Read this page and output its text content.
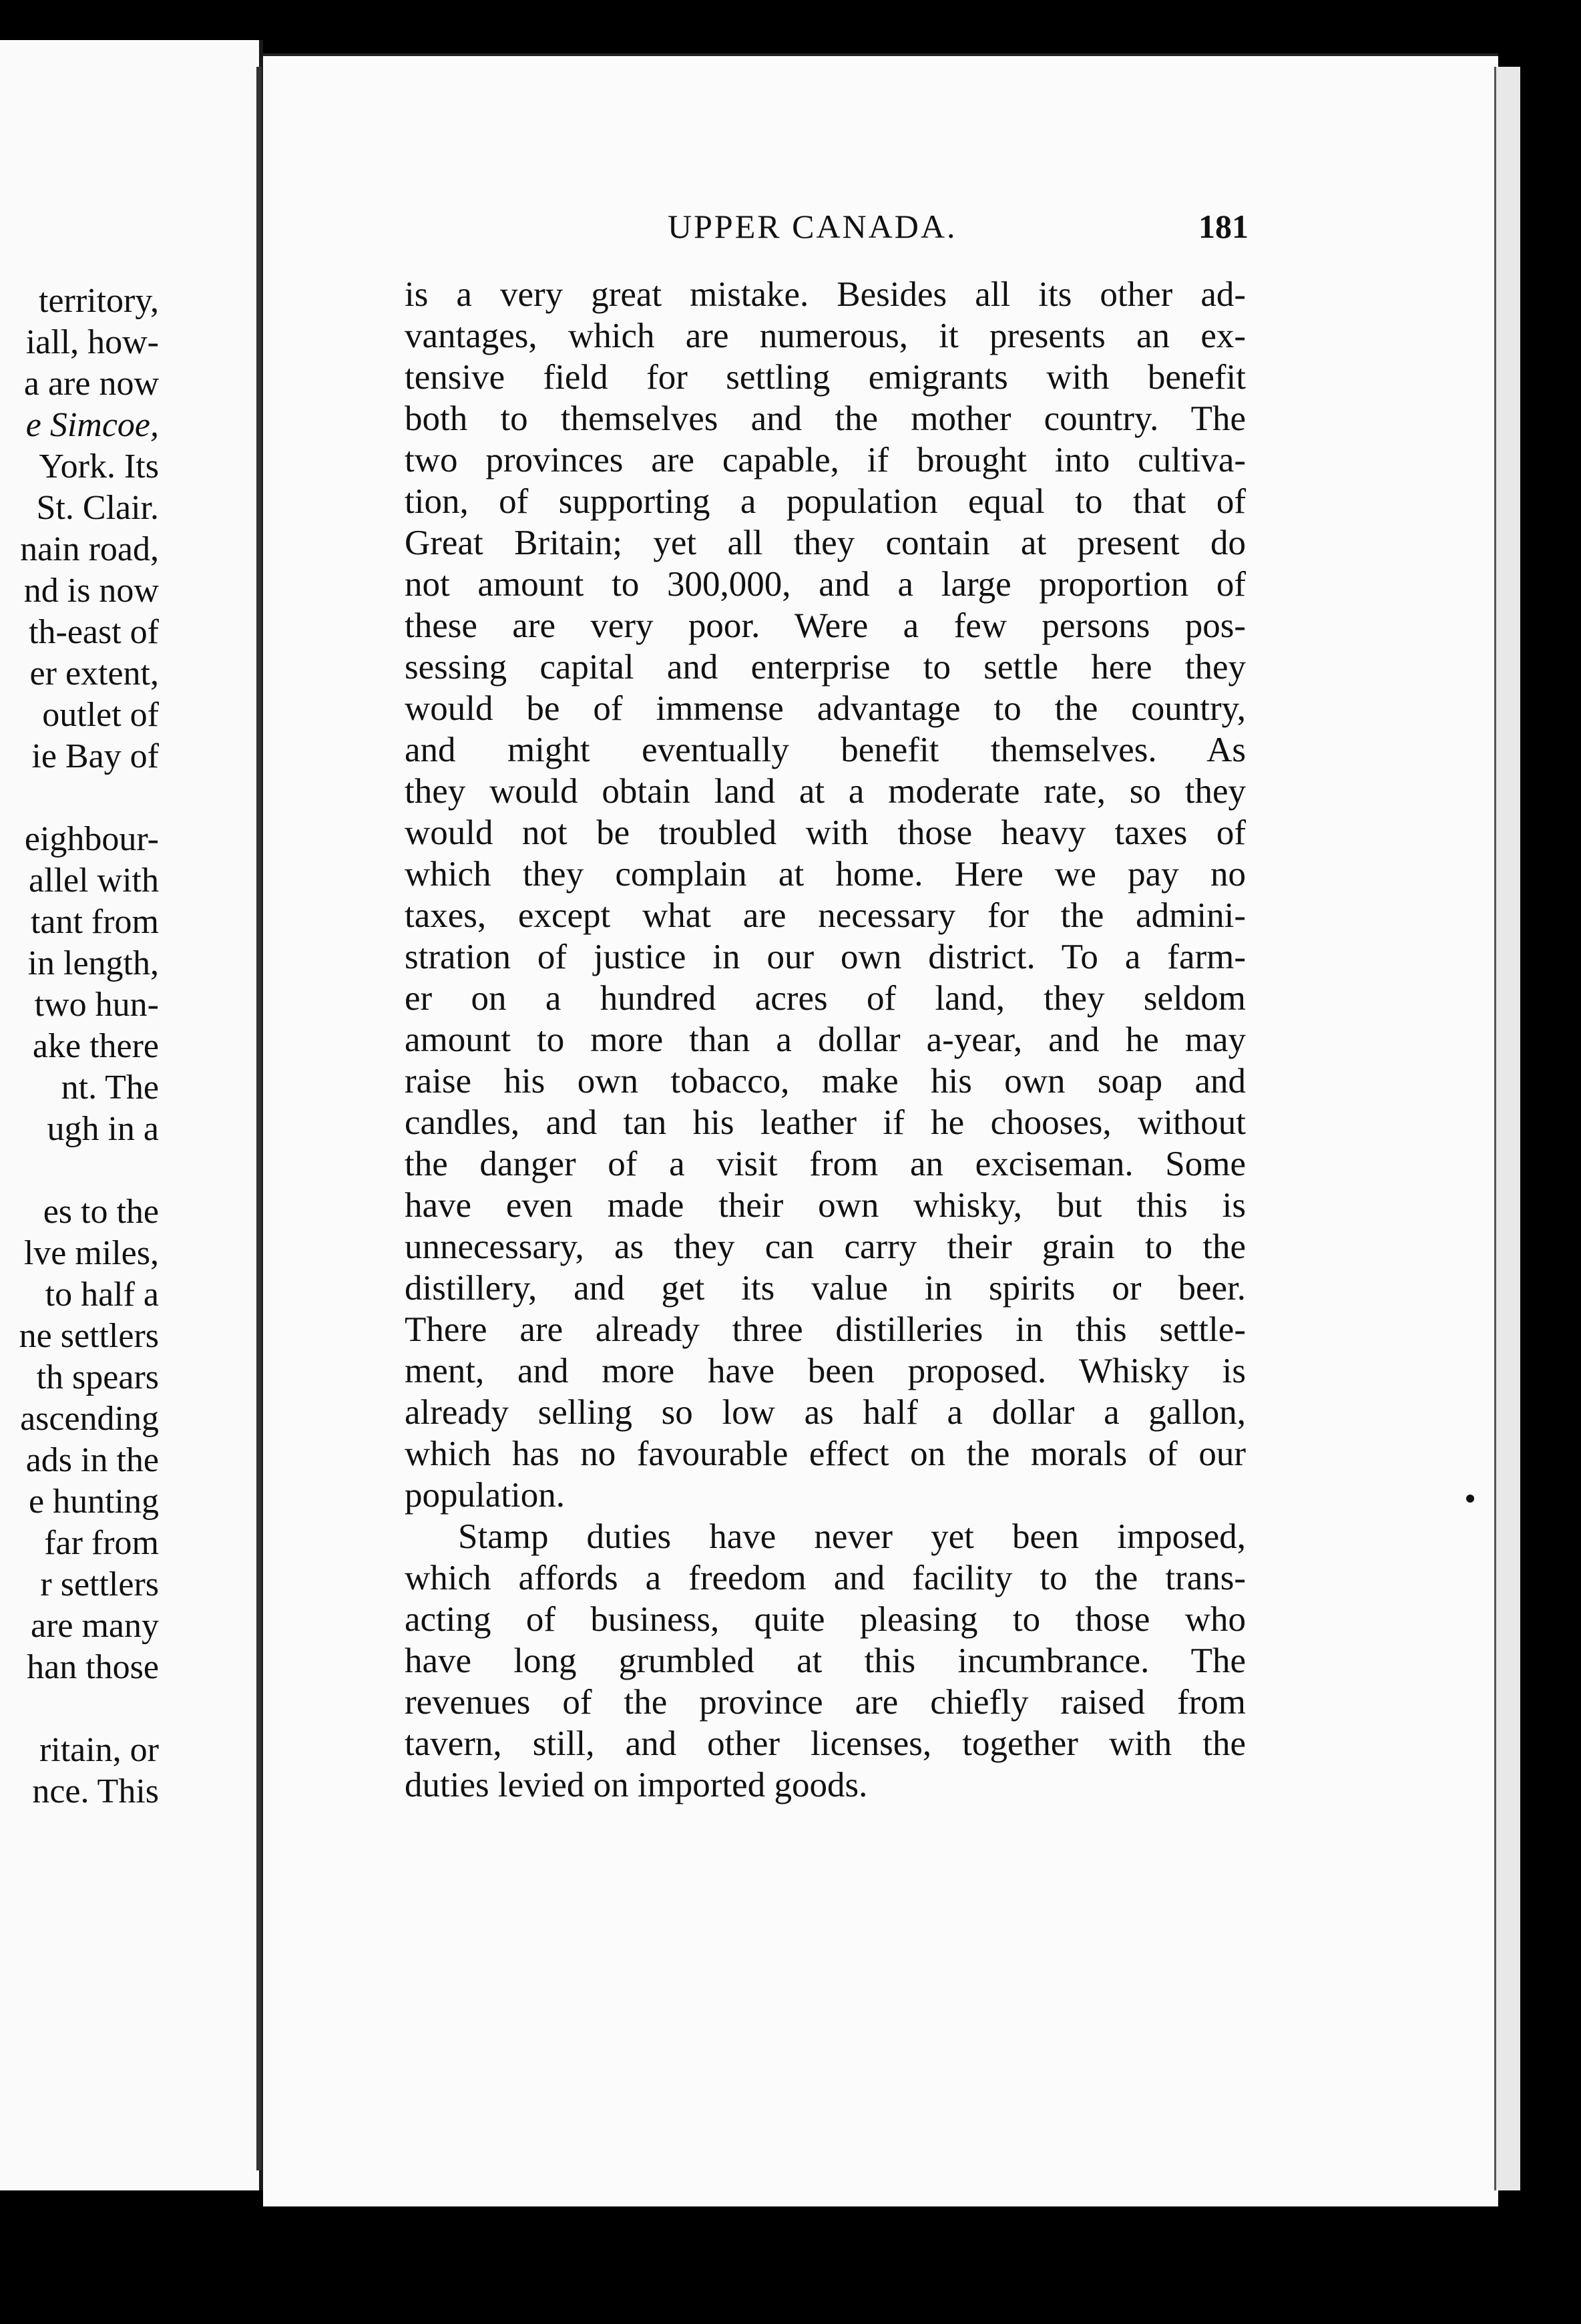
territory,
iall, how-
a are now
e Simcoe,
York. Its
St. Clair.
nain road,
nd is now
th-east of
er extent,
outlet of
ie Bay of
eighbour-
allel with
tant from
in length,
two hun-
ake there
nt. The
ugh in a
es to the
lve miles,
to half a
ne settlers
th spears
ascending
ads in the
e hunting
far from
r settlers
are many
han those
ritain, or
nce. This
UPPER CANADA.	181
is a very great mistake. Besides all its other ad-
vantages, which are numerous, it presents an ex-
tensive field for settling emigrants with benefit
both to themselves and the mother country. The
two provinces are capable, if brought into cultiva-
tion, of supporting a population equal to that of
Great Britain; yet all they contain at present do
not amount to 300,000, and a large proportion of
these are very poor. Were a few persons pos-
sessing capital and enterprise to settle here they
would be of immense advantage to the country,
and might eventually benefit themselves. As
they would obtain land at a moderate rate, so they
would not be troubled with those heavy taxes of
which they complain at home. Here we pay no
taxes, except what are necessary for the admini-
stration of justice in our own district. To a farm-
er on a hundred acres of land, they seldom
amount to more than a dollar a-year, and he may
raise his own tobacco, make his own soap and
candles, and tan his leather if he chooses, without
the danger of a visit from an exciseman. Some
have even made their own whisky, but this is
unnecessary, as they can carry their grain to the
distillery, and get its value in spirits or beer.
There are already three distilleries in this settle-
ment, and more have been proposed. Whisky is
already selling so low as half a dollar a gallon,
which has no favourable effect on the morals of our
population.
Stamp duties have never yet been imposed,
which affords a freedom and facility to the trans-
acting of business, quite pleasing to those who
have long grumbled at this incumbrance. The
revenues of the province are chiefly raised from
tavern, still, and other licenses, together with the
duties levied on imported goods.
